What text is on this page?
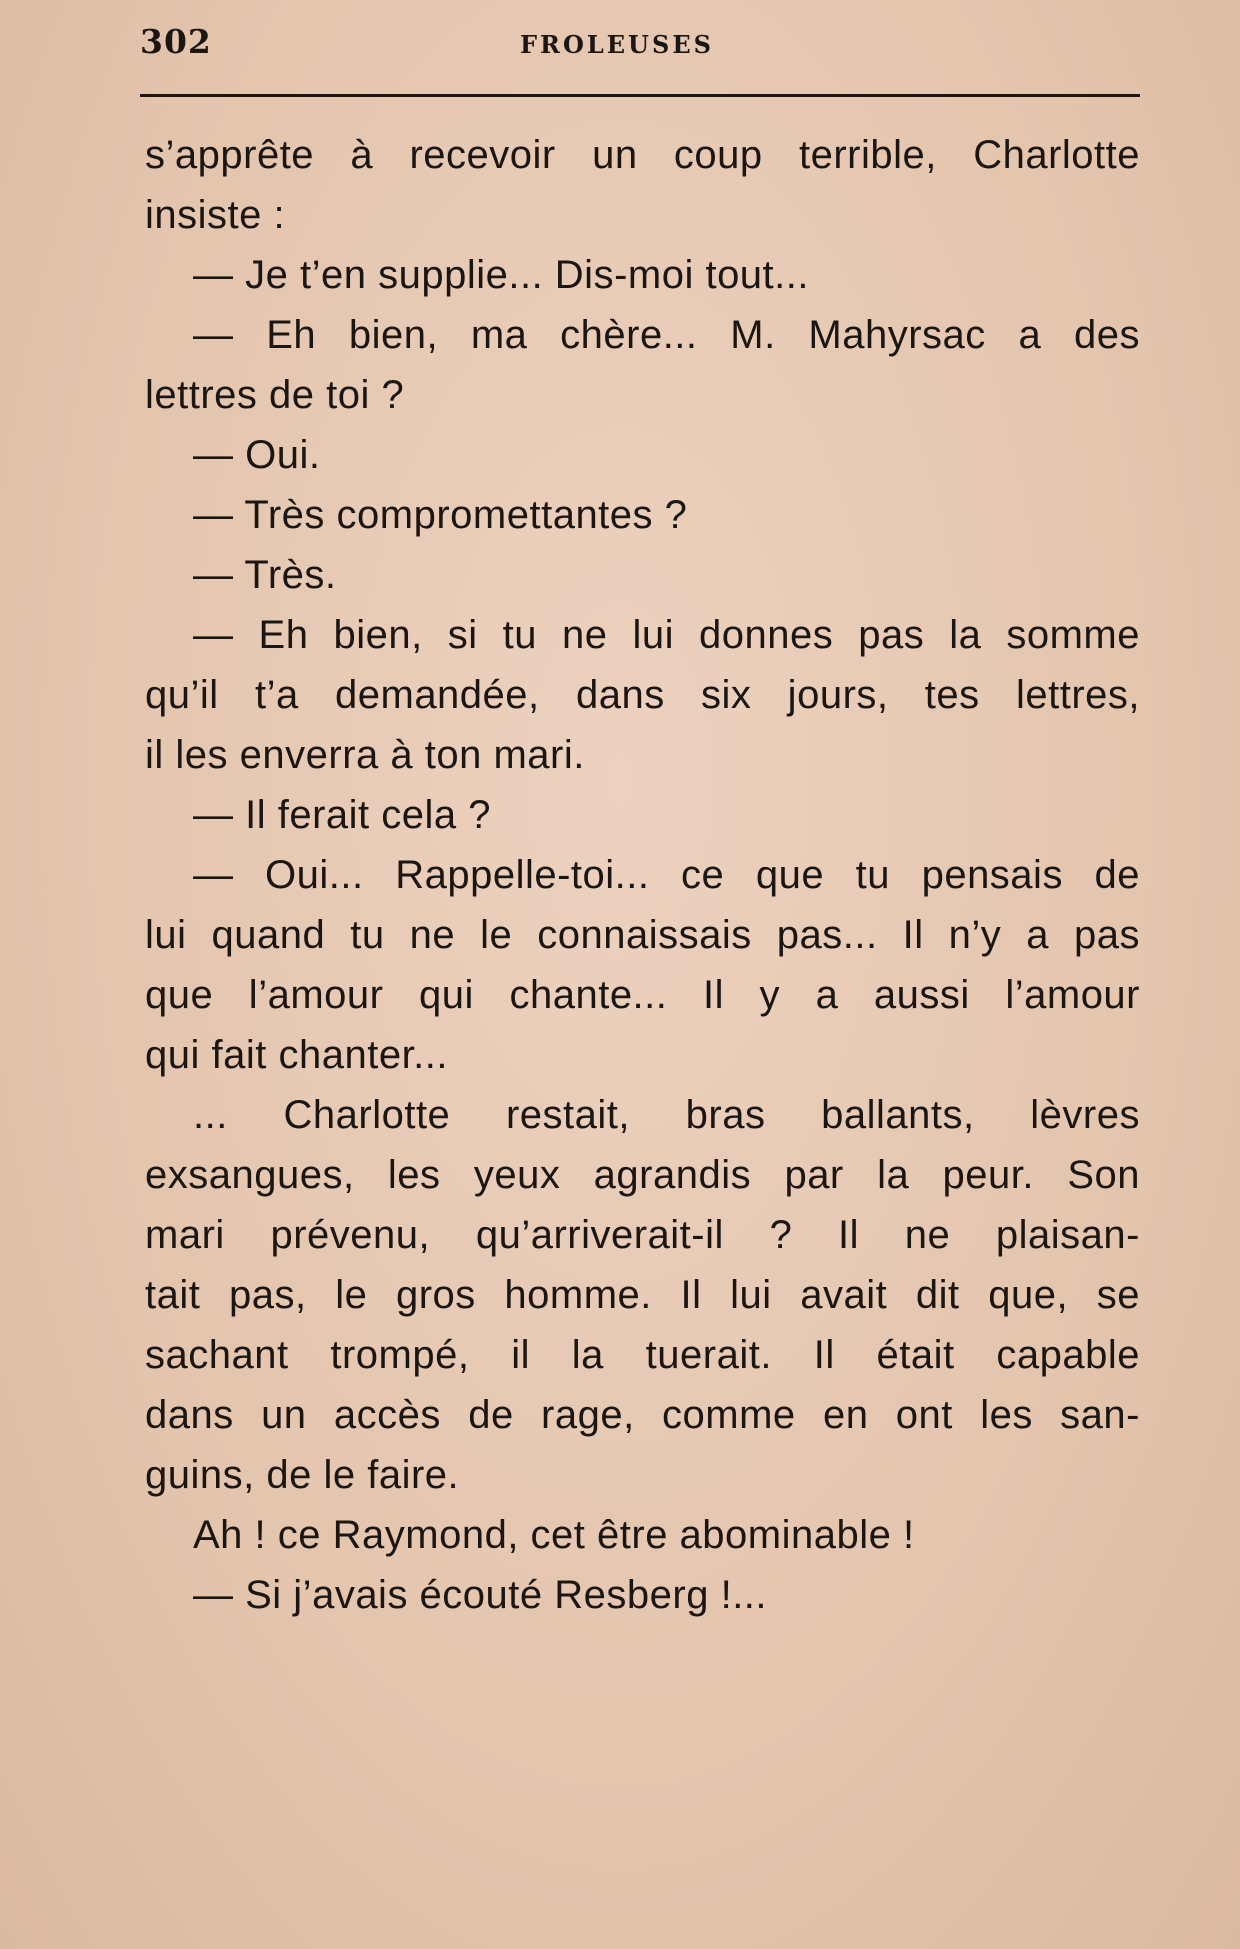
302	FROLEUSES
s’apprête à recevoir un coup terrible, Charlotte
insiste :
— Je t’en supplie... Dis-moi tout...
— Eh bien, ma chère... M. Mahyrsac a des
lettres de toi ?
— Oui.
— Très compromettantes ?
— Très.
— Eh bien, si tu ne lui donnes pas la somme
qu’il t’a demandée, dans six jours, tes lettres,
il les enverra à ton mari.
— Il ferait cela ?
— Oui... Rappelle-toi... ce que tu pensais de
lui quand tu ne le connaissais pas... Il n’y a pas
que l’amour qui chante... Il y a aussi l’amour
qui fait chanter...
... Charlotte restait, bras ballants, lèvres
exsangues, les yeux agrandis par la peur. Son
mari prévenu, qu’arriverait-il ? Il ne plaisan-
tait pas, le gros homme. Il lui avait dit que, se
sachant trompé, il la tuerait. Il était capable
dans un accès de rage, comme en ont les san-
guins, de le faire.
Ah ! ce Raymond, cet être abominable !
— Si j’avais écouté Resberg !...
